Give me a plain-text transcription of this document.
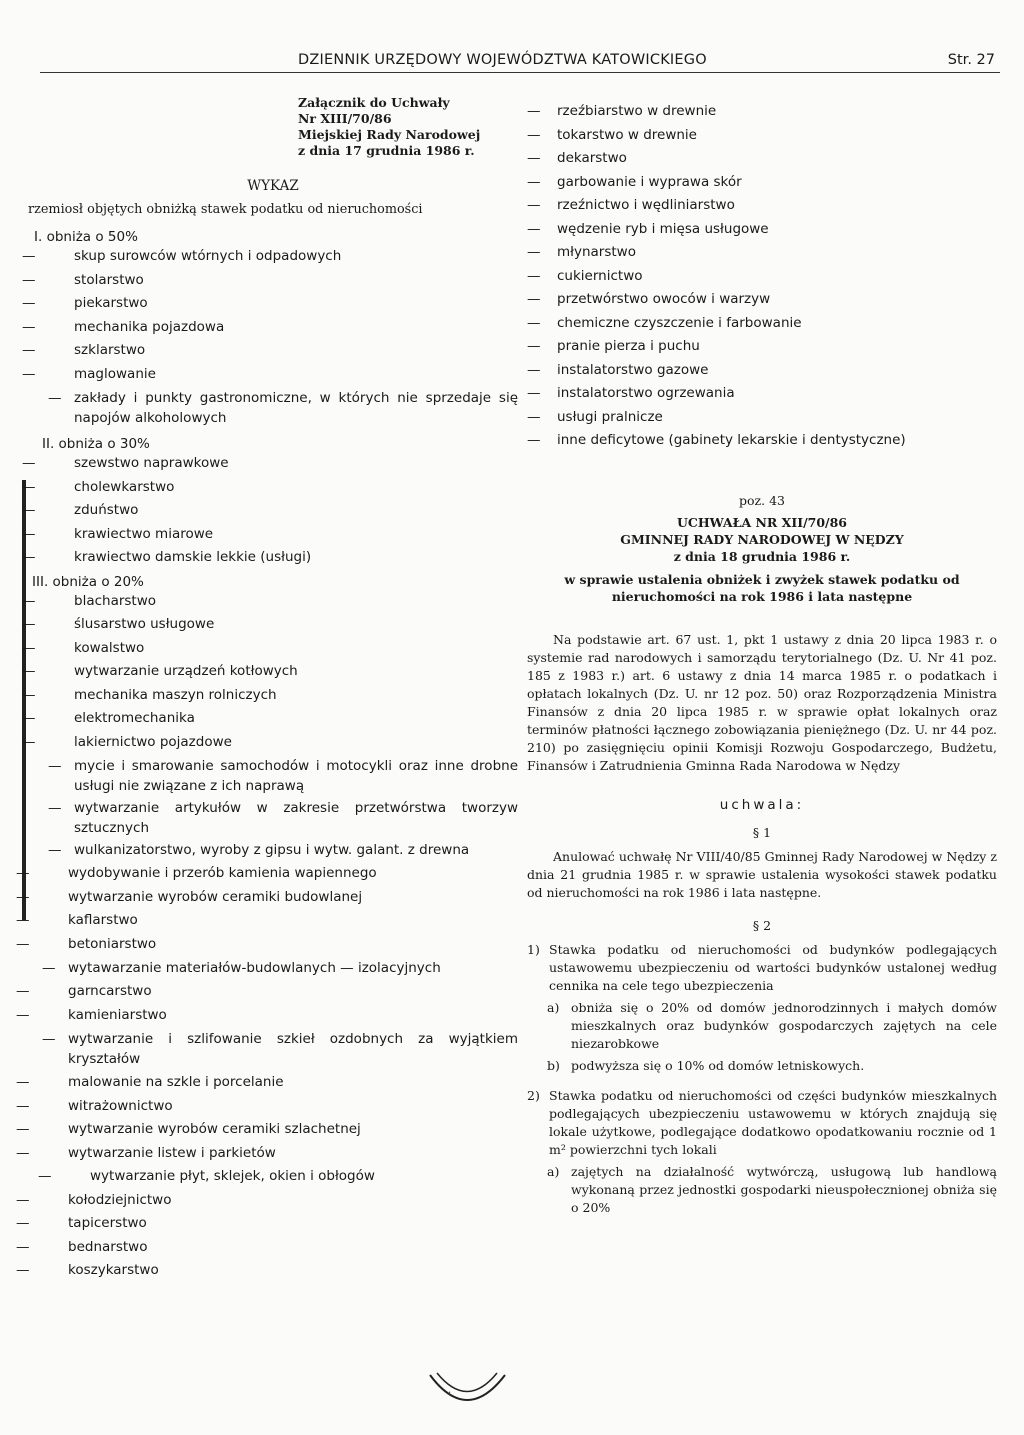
DZIENNIK URZĘDOWY WOJEWÓDZTWA KATOWICKIEGO	Str. 27
Załącznik do Uchwały
Nr XIII/70/86
Miejskiej Rady Narodowej
z dnia 17 grudnia 1986 r.
WYKAZ
rzemiosł objętych obniżką stawek podatku od nieruchomości
I. obniża o 50%
—	skup surowców wtórnych i odpadowych
—	stolarstwo
—	piekarstwo
—	mechanika pojazdowa
—	szklarstwo
—	maglowanie
— zakłady i punkty gastronomiczne, w których nie sprzedaje się napojów alkoholowych
II. obniża o 30%
—	szewstwo naprawkowe
—	cholewkarstwo
—	zduństwo
—	krawiectwo miarowe
—	krawiectwo damskie lekkie (usługi)
III. obniża o 20%
—	blacharstwo
—	ślusarstwo usługowe
—	kowalstwo
—	wytwarzanie urządzeń kotłowych
—	mechanika maszyn rolniczych
—	elektromechanika
—	lakiernictwo pojazdowe
— mycie i smarowanie samochodów i motocykli oraz inne drobne usługi nie związane z ich naprawą
— wytwarzanie artykułów w zakresie przetwórstwa tworzyw sztucznych
— wulkanizatorstwo, wyroby z gipsu i wytw. galant. z drewna
—	wydobywanie i przerób kamienia wapiennego
—	wytwarzanie wyrobów ceramiki budowlanej
—	kaflarstwo
—	betoniarstwo
— wytawarzanie materiałów-budowlanych — izolacyjnych
—	garncarstwo
—	kamieniarstwo
— wytwarzanie i szlifowanie szkieł ozdobnych za wyjątkiem kryształów
—	malowanie na szkle i porcelanie
—	witrażownictwo
—	wytwarzanie wyrobów ceramiki szlachetnej
—	wytwarzanie listew i parkietów
—	wytwarzanie płyt, sklejek, okien i obłogów
—	kołodziejnictwo
—	tapicerstwo
—	bednarstwo
—	koszykarstwo
— rzeźbiarstwo w drewnie
— tokarstwo w drewnie
— dekarstwo
— garbowanie i wyprawa skór
— rzeźnictwo i wędliniarstwo
— wędzenie ryb i mięsa usługowe
— młynarstwo
— cukiernictwo
— przetwórstwo owoców i warzyw
— chemiczne czyszczenie i farbowanie
— pranie pierza i puchu
— instalatorstwo gazowe
— instalatorstwo ogrzewania
— usługi pralnicze
— inne deficytowe (gabinety lekarskie i dentystyczne)
poz. 43
UCHWAŁA NR XII/70/86
GMINNEJ RADY NARODOWEJ W NĘDZY
z dnia 18 grudnia 1986 r.
w sprawie ustalenia obniżek i zwyżek stawek podatku od nieruchomości na rok 1986 i lata następne

Na podstawie art. 67 ust. 1, pkt 1 ustawy z dnia 20 lipca 1983 r. o systemie rad narodowych i samorządu terytorialnego (Dz. U. Nr 41 poz. 185 z 1983 r.) art. 6 ustawy z dnia 14 marca 1985 r. o podatkach i opłatach lokalnych (Dz. U. nr 12 poz. 50) oraz Rozporządzenia Ministra Finansów z dnia 20 lipca 1985 r. w sprawie opłat lokalnych oraz terminów płatności łącznego zobowiązania pieniężnego (Dz. U. nr 44 poz. 210) po zasięgnięciu opinii Komisji Rozwoju Gospodarczego, Budżetu, Finansów i Zatrudnienia Gminna Rada Narodowa w Nędzy

uchwala:
§ 1

Anulować uchwałę Nr VIII/40/85 Gminnej Rady Narodowej w Nędzy z dnia 21 grudnia 1985 r. w sprawie ustalenia wysokości stawek podatku od nieruchomości na rok 1986 i lata następne.

§ 2
1) Stawka podatku od nieruchomości od budynków podlegających ustawowemu ubezpieczeniu od wartości budynków ustalonej według cennika na cele tego ubezpieczenia
a) obniża się o 20% od domów jednorodzinnych i małych domów mieszkalnych oraz budynków gospodarczych zajętych na cele niezarobkowe
b) podwyższa się o 10% od domów letniskowych.
2) Stawka podatku od nieruchomości od części budynków mieszkalnych podlegających ubezpieczeniu ustawowemu w których znajdują się lokale użytkowe, podlegające dodatkowo opodatkowaniu rocznie od 1 m² powierzchni tych lokali
a) zajętych na działalność wytwórczą, usługową lub handlową wykonaną przez jednostki gospodarki nieuspołecznionej obniża się o 20%
·
